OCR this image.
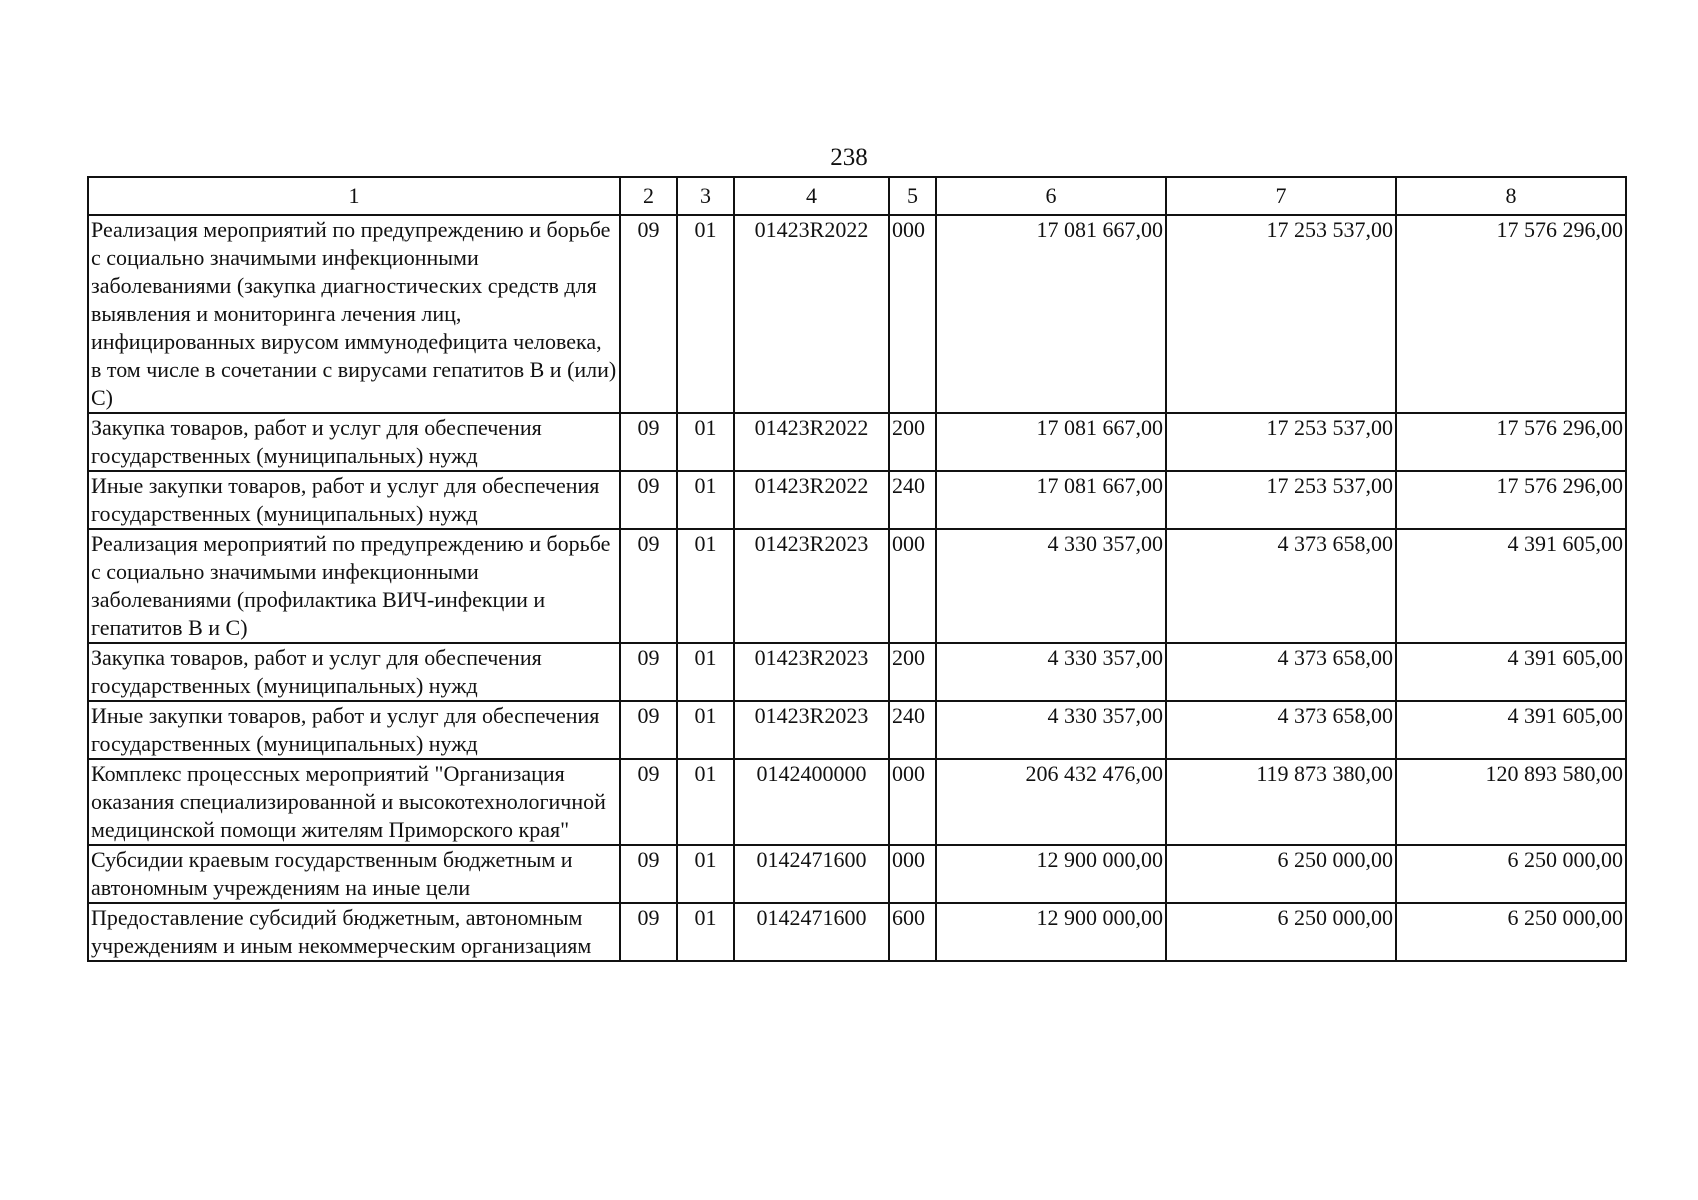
238
1	2	3	4	5	6	7	8
Реализация мероприятий по предупреждению и борьбе с социально значимыми инфекционными заболеваниями (закупка диагностических средств для выявления и мониторинга лечения лиц, инфицированных вирусом иммунодефицита человека, в том числе в сочетании с вирусами гепатитов B и (или) C)	09	01	01423R2022	000	17 081 667,00	17 253 537,00	17 576 296,00
Закупка товаров, работ и услуг для обеспечения государственных (муниципальных) нужд	09	01	01423R2022	200	17 081 667,00	17 253 537,00	17 576 296,00
Иные закупки товаров, работ и услуг для обеспечения государственных (муниципальных) нужд	09	01	01423R2022	240	17 081 667,00	17 253 537,00	17 576 296,00
Реализация мероприятий по предупреждению и борьбе с социально значимыми инфекционными заболеваниями (профилактика ВИЧ-инфекции и гепатитов B и C)	09	01	01423R2023	000	4 330 357,00	4 373 658,00	4 391 605,00
Закупка товаров, работ и услуг для обеспечения государственных (муниципальных) нужд	09	01	01423R2023	200	4 330 357,00	4 373 658,00	4 391 605,00
Иные закупки товаров, работ и услуг для обеспечения государственных (муниципальных) нужд	09	01	01423R2023	240	4 330 357,00	4 373 658,00	4 391 605,00
Комплекс процессных мероприятий "Организация оказания специализированной и высокотехнологичной медицинской помощи жителям Приморского края"	09	01	0142400000	000	206 432 476,00	119 873 380,00	120 893 580,00
Субсидии краевым государственным бюджетным и автономным учреждениям на иные цели	09	01	0142471600	000	12 900 000,00	6 250 000,00	6 250 000,00
Предоставление субсидий бюджетным, автономным учреждениям и иным некоммерческим организациям	09	01	0142471600	600	12 900 000,00	6 250 000,00	6 250 000,00
